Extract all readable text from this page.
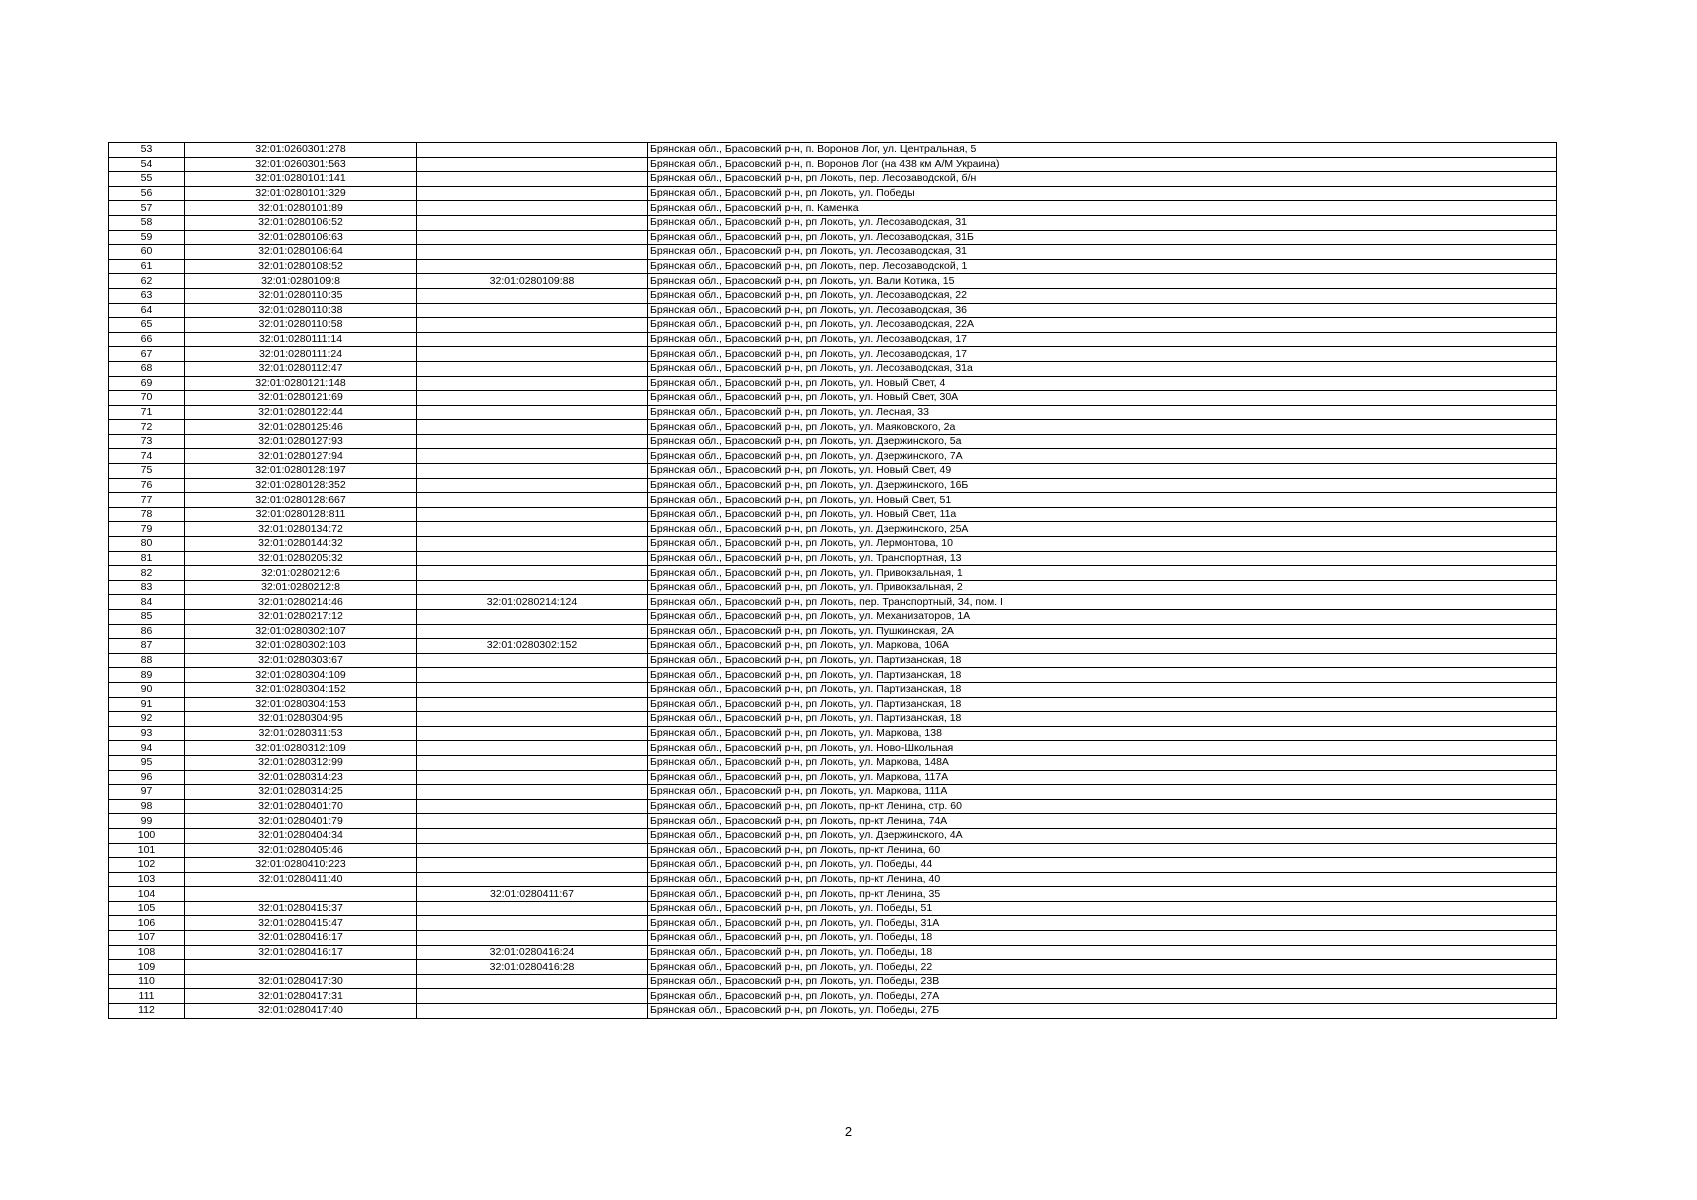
53	32:01:0260301:278		Брянская обл., Брасовский р-н, п. Воронов Лог, ул. Центральная, 5
54	32:01:0260301:563		Брянская обл., Брасовский р-н, п. Воронов Лог (на 438 км А/М Украина)
55	32:01:0280101:141		Брянская обл., Брасовский р-н, рп Локоть, пер. Лесозаводской, б/н
56	32:01:0280101:329		Брянская обл., Брасовский р-н, рп Локоть, ул. Победы
57	32:01:0280101:89		Брянская обл., Брасовский р-н, п. Каменка
58	32:01:0280106:52		Брянская обл., Брасовский р-н, рп Локоть, ул. Лесозаводская, 31
59	32:01:0280106:63		Брянская обл., Брасовский р-н, рп Локоть, ул. Лесозаводская, 31Б
60	32:01:0280106:64		Брянская обл., Брасовский р-н, рп Локоть, ул. Лесозаводская, 31
61	32:01:0280108:52		Брянская обл., Брасовский р-н, рп Локоть, пер. Лесозаводской, 1
62	32:01:0280109:8	32:01:0280109:88	Брянская обл., Брасовский р-н, рп Локоть, ул. Вали Котика, 15
63	32:01:0280110:35		Брянская обл., Брасовский р-н, рп Локоть, ул. Лесозаводская, 22
64	32:01:0280110:38		Брянская обл., Брасовский р-н, рп Локоть, ул. Лесозаводская, 36
65	32:01:0280110:58		Брянская обл., Брасовский р-н, рп Локоть, ул. Лесозаводская, 22А
66	32:01:0280111:14		Брянская обл., Брасовский р-н, рп Локоть, ул. Лесозаводская, 17
67	32:01:0280111:24		Брянская обл., Брасовский р-н, рп Локоть, ул. Лесозаводская, 17
68	32:01:0280112:47		Брянская обл., Брасовский р-н, рп Локоть, ул. Лесозаводская, 31а
69	32:01:0280121:148		Брянская обл., Брасовский р-н, рп Локоть, ул. Новый Свет, 4
70	32:01:0280121:69		Брянская обл., Брасовский р-н, рп Локоть, ул. Новый Свет, 30А
71	32:01:0280122:44		Брянская обл., Брасовский р-н, рп Локоть, ул. Лесная, 33
72	32:01:0280125:46		Брянская обл., Брасовский р-н, рп Локоть, ул. Маяковского, 2а
73	32:01:0280127:93		Брянская обл., Брасовский р-н, рп Локоть, ул. Дзержинского, 5а
74	32:01:0280127:94		Брянская обл., Брасовский р-н, рп Локоть, ул. Дзержинского, 7А
75	32:01:0280128:197		Брянская обл., Брасовский р-н, рп Локоть, ул. Новый Свет, 49
76	32:01:0280128:352		Брянская обл., Брасовский р-н, рп Локоть, ул. Дзержинского, 16Б
77	32:01:0280128:667		Брянская обл., Брасовский р-н, рп Локоть, ул. Новый Свет, 51
78	32:01:0280128:811		Брянская обл., Брасовский р-н, рп Локоть, ул. Новый Свет, 11а
79	32:01:0280134:72		Брянская обл., Брасовский р-н, рп Локоть, ул. Дзержинского, 25А
80	32:01:0280144:32		Брянская обл., Брасовский р-н, рп Локоть, ул. Лермонтова, 10
81	32:01:0280205:32		Брянская обл., Брасовский р-н, рп Локоть, ул. Транспортная, 13
82	32:01:0280212:6		Брянская обл., Брасовский р-н, рп Локоть, ул. Привокзальная, 1
83	32:01:0280212:8		Брянская обл., Брасовский р-н, рп Локоть, ул. Привокзальная, 2
84	32:01:0280214:46	32:01:0280214:124	Брянская обл., Брасовский р-н, рп Локоть, пер. Транспортный, 34, пом. I
85	32:01:0280217:12		Брянская обл., Брасовский р-н, рп Локоть, ул. Механизаторов, 1А
86	32:01:0280302:107		Брянская обл., Брасовский р-н, рп Локоть, ул. Пушкинская, 2А
87	32:01:0280302:103	32:01:0280302:152	Брянская обл., Брасовский р-н, рп Локоть, ул. Маркова, 106А
88	32:01:0280303:67		Брянская обл., Брасовский р-н, рп Локоть, ул. Партизанская, 18
89	32:01:0280304:109		Брянская обл., Брасовский р-н, рп Локоть, ул. Партизанская, 18
90	32:01:0280304:152		Брянская обл., Брасовский р-н, рп Локоть, ул. Партизанская, 18
91	32:01:0280304:153		Брянская обл., Брасовский р-н, рп Локоть, ул. Партизанская, 18
92	32:01:0280304:95		Брянская обл., Брасовский р-н, рп Локоть, ул. Партизанская, 18
93	32:01:0280311:53		Брянская обл., Брасовский р-н, рп Локоть, ул. Маркова, 138
94	32:01:0280312:109		Брянская обл., Брасовский р-н, рп Локоть, ул. Ново-Школьная
95	32:01:0280312:99		Брянская обл., Брасовский р-н, рп Локоть, ул. Маркова, 148А
96	32:01:0280314:23		Брянская обл., Брасовский р-н, рп Локоть, ул. Маркова, 117А
97	32:01:0280314:25		Брянская обл., Брасовский р-н, рп Локоть, ул. Маркова, 111А
98	32:01:0280401:70		Брянская обл., Брасовский р-н, рп Локоть, пр-кт Ленина, стр. 60
99	32:01:0280401:79		Брянская обл., Брасовский р-н, рп Локоть, пр-кт Ленина, 74А
100	32:01:0280404:34		Брянская обл., Брасовский р-н, рп Локоть, ул. Дзержинского, 4А
101	32:01:0280405:46		Брянская обл., Брасовский р-н, рп Локоть, пр-кт Ленина, 60
102	32:01:0280410:223		Брянская обл., Брасовский р-н, рп Локоть, ул. Победы, 44
103	32:01:0280411:40		Брянская обл., Брасовский р-н, рп Локоть, пр-кт Ленина, 40
104		32:01:0280411:67	Брянская обл., Брасовский р-н, рп Локоть, пр-кт Ленина, 35
105	32:01:0280415:37		Брянская обл., Брасовский р-н, рп Локоть, ул. Победы, 51
106	32:01:0280415:47		Брянская обл., Брасовский р-н, рп Локоть, ул. Победы, 31А
107	32:01:0280416:17		Брянская обл., Брасовский р-н, рп Локоть, ул. Победы, 18
108	32:01:0280416:17	32:01:0280416:24	Брянская обл., Брасовский р-н, рп Локоть, ул. Победы, 18
109		32:01:0280416:28	Брянская обл., Брасовский р-н, рп Локоть, ул. Победы, 22
110	32:01:0280417:30		Брянская обл., Брасовский р-н, рп Локоть, ул. Победы, 23В
111	32:01:0280417:31		Брянская обл., Брасовский р-н, рп Локоть, ул. Победы, 27А
112	32:01:0280417:40		Брянская обл., Брасовский р-н, рп Локоть, ул. Победы, 27Б
2
